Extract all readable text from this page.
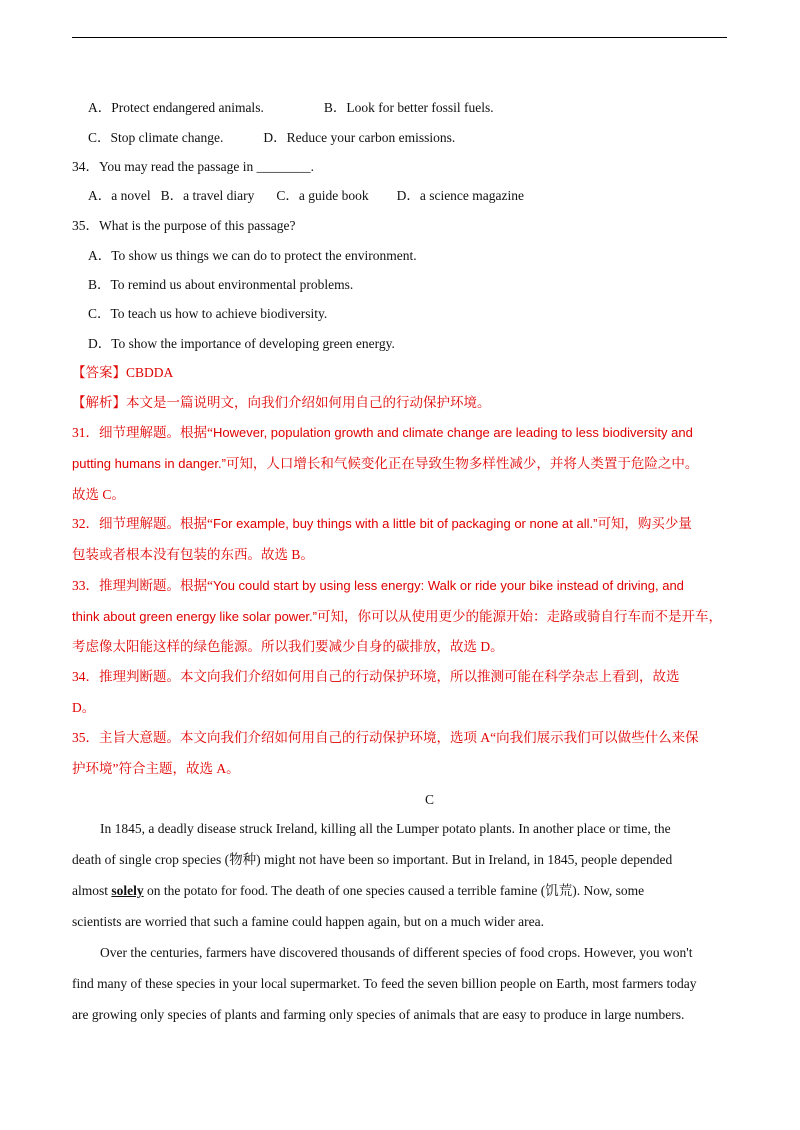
A．Protect endangered animals.	B．Look for better fossil fuels.
C．Stop climate change.	D．Reduce your carbon emissions.
34．You may read the passage in ________.
A．a novel B．a travel diary C．a guide book D．a science magazine
35．What is the purpose of this passage?
A．To show us things we can do to protect the environment.
B．To remind us about environmental problems.
C．To teach us how to achieve biodiversity.
D．To show the importance of developing green energy.
【答案】CBDDA
【解析】本文是一篇说明文，向我们介绍如何用自己的行动保护环境。
31．细节理解题。根据“However, population growth and climate change are leading to less biodiversity and
putting humans in danger.”可知，人口增长和气候变化正在导致生物多样性减少，并将人类置于危险之中。
故选 C。
32．细节理解题。根据“For example, buy things with a little bit of packaging or none at all.”可知，购买少量
包装或者根本没有包装的东西。故选 B。
33．推理判断题。根据“You could start by using less energy: Walk or ride your bike instead of driving, and
think about green energy like solar power.”可知，你可以从使用更少的能源开始：走路或骑自行车而不是开车，
考虑像太阳能这样的绿色能源。所以我们要减少自身的碳排放，故选 D。
34．推理判断题。本文向我们介绍如何用自己的行动保护环境，所以推测可能在科学杂志上看到，故选
D。
35．主旨大意题。本文向我们介绍如何用自己的行动保护环境，选项 A“向我们展示我们可以做些什么来保
护环境”符合主题，故选 A。
C
In 1845, a deadly disease struck Ireland, killing all the Lumper potato plants. In another place or time, the
death of single crop species (物种) might not have been so important. But in Ireland, in 1845, people depended
almost solely on the potato for food. The death of one species caused a terrible famine (饥荒). Now, some
scientists are worried that such a famine could happen again, but on a much wider area.
Over the centuries, farmers have discovered thousands of different species of food crops. However, you won't
find many of these species in your local supermarket. To feed the seven billion people on Earth, most farmers today
are growing only species of plants and farming only species of animals that are easy to produce in large numbers.
